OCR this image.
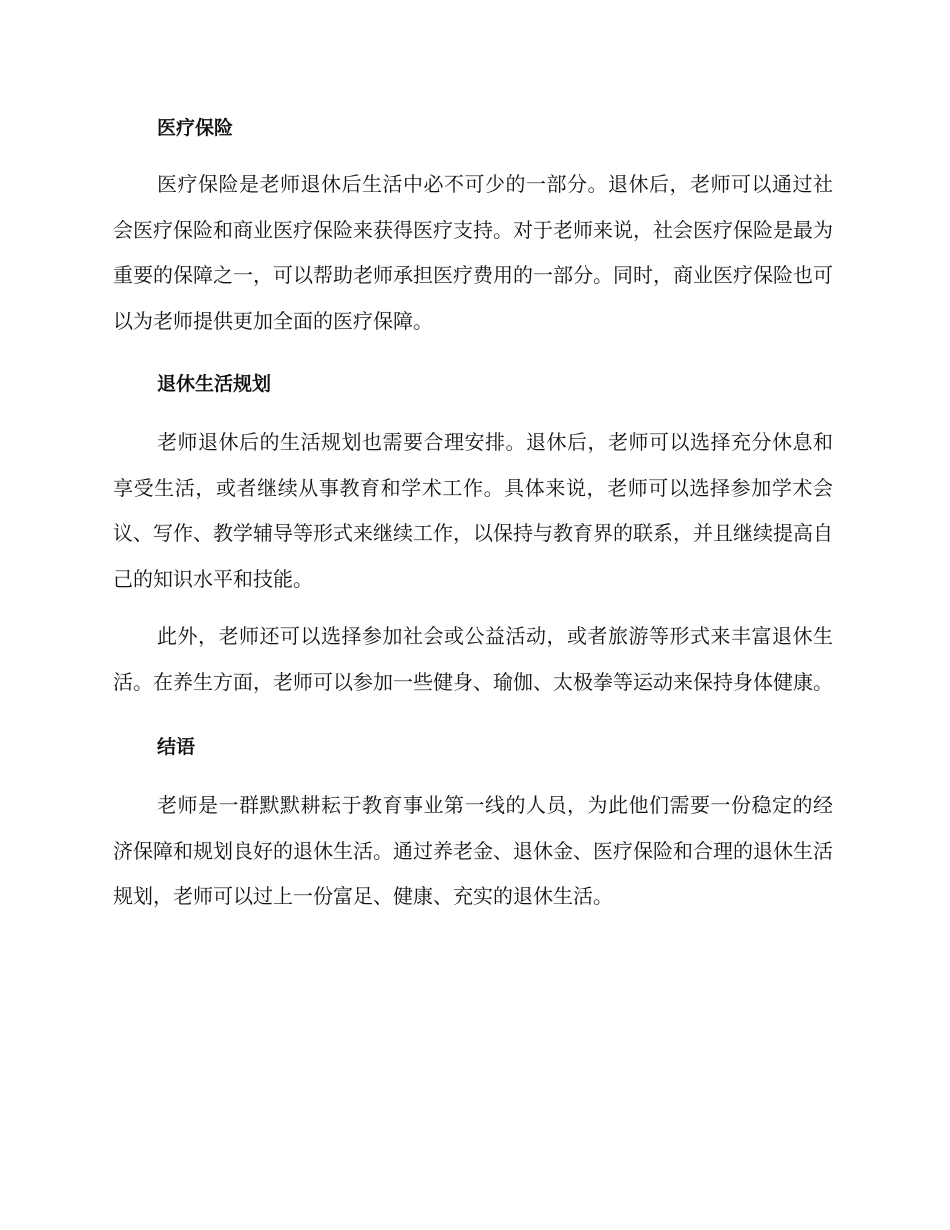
医疗保险

医疗保险是老师退休后生活中必不可少的一部分。退休后，老师可以通过社会医疗保险和商业医疗保险来获得医疗支持。对于老师来说，社会医疗保险是最为重要的保障之一，可以帮助老师承担医疗费用的一部分。同时，商业医疗保险也可以为老师提供更加全面的医疗保障。

退休生活规划

老师退休后的生活规划也需要合理安排。退休后，老师可以选择充分休息和享受生活，或者继续从事教育和学术工作。具体来说，老师可以选择参加学术会议、写作、教学辅导等形式来继续工作，以保持与教育界的联系，并且继续提高自己的知识水平和技能。

此外，老师还可以选择参加社会或公益活动，或者旅游等形式来丰富退休生活。在养生方面，老师可以参加一些健身、瑜伽、太极拳等运动来保持身体健康。

结语

老师是一群默默耕耘于教育事业第一线的人员，为此他们需要一份稳定的经济保障和规划良好的退休生活。通过养老金、退休金、医疗保险和合理的退休生活规划，老师可以过上一份富足、健康、充实的退休生活。
